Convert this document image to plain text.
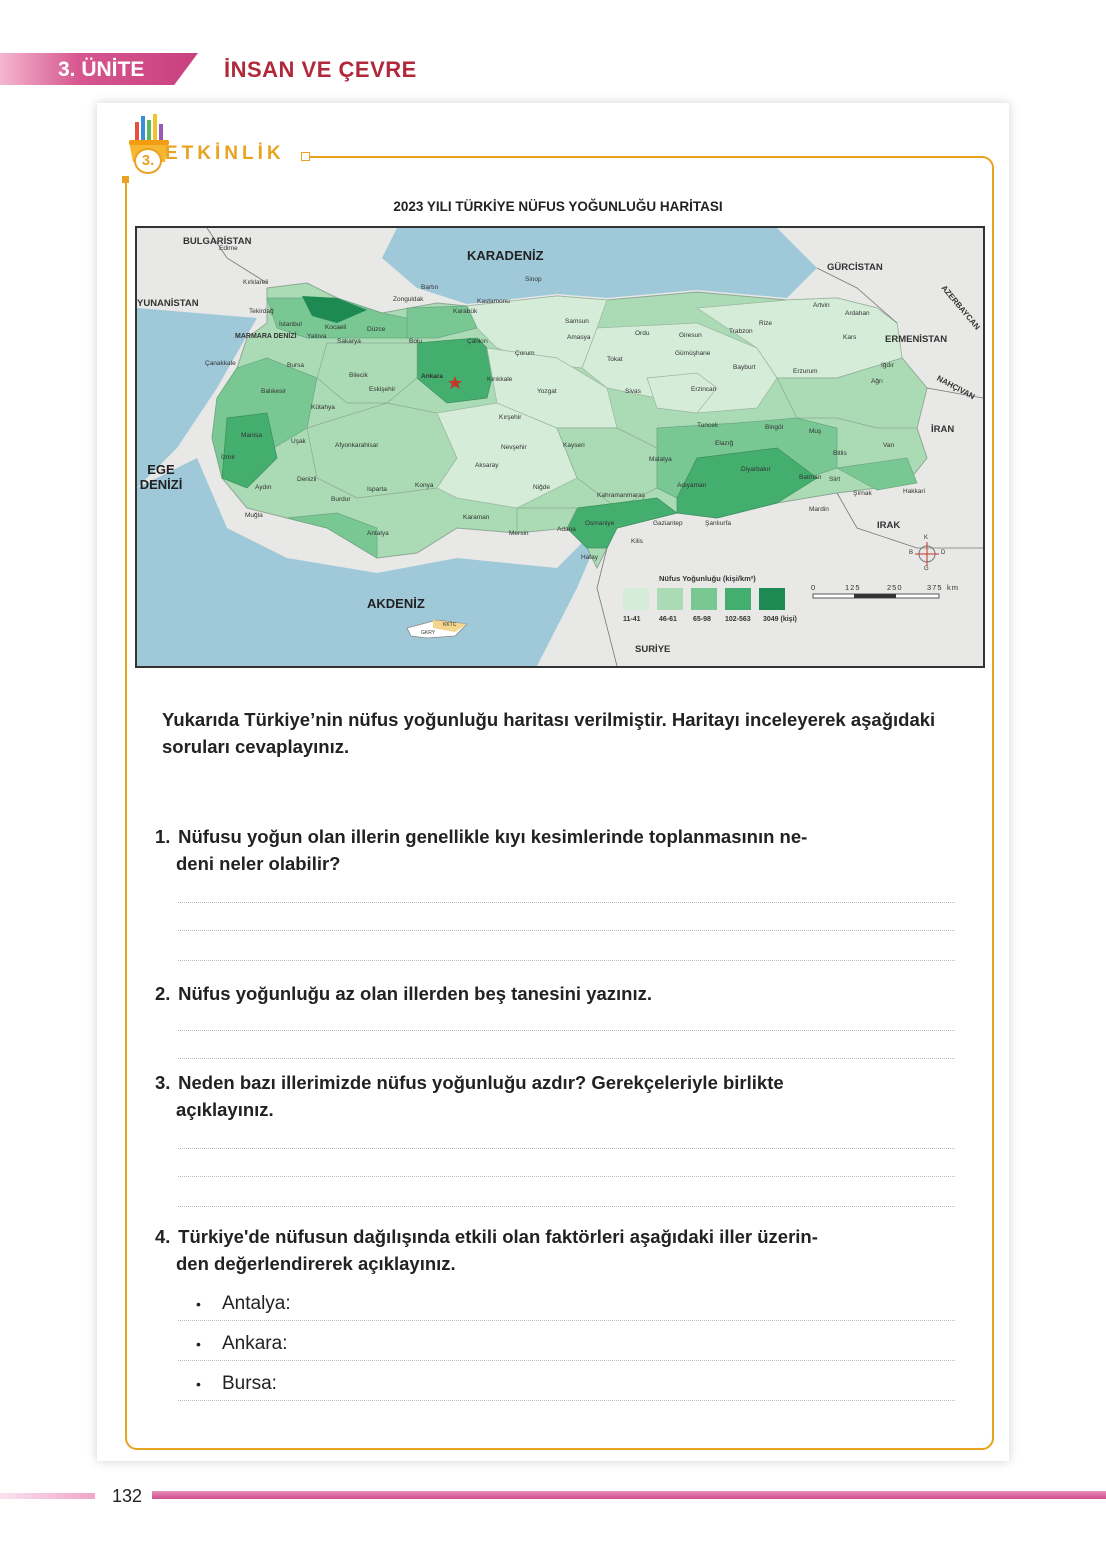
3. ÜNİTE	İNSAN VE ÇEVRE
3. ETKİNLİK
2023 YILI TÜRKİYE NÜFUS YOĞUNLUĞU HARİTASI
BULGARİSTAN
YUNANİSTAN
GÜRCİSTAN
AZERBAYCAN
ERMENİSTAN
NAHÇIVAN
İRAN
IRAK
SURİYE
KARADENİZ
MARMARA DENİZİ
EGE DENİZİ
AKDENİZ
Edirne
Kırklareli
Tekirdağ
İstanbul	Kocaeli
Yalova
Sakarya
Düzce
Bolu
Zonguldak
Bartın
Karabük
Kastamonu
Sinop
Samsun
Ordu	Giresun
Trabzon
Rize
Artvin
Ardahan
Kars
Iğdır
Ağrı
Erzurum
Bayburt
Gümüşhane
Erzincan
Tunceli	Bingöl
Muş
Bitlis
Van
Hakkari
Şırnak
Siirt
Batman
Mardin
Diyarbakır
Şanlıurfa
Gaziantep
Kilis
Hatay
Osmaniye
Adana
Mersin
Karaman
Niğde
Kayseri
Nevşehir
Aksaray
Kırşehir
Yozgat	Sivas
Tokat
Amasya
Çorum
Çankırı
Ankara	Kırıkkale
Eskişehir
Bilecik
Bursa
Balıkesir
Çanakkale
Kütahya
Uşak
Afyonkarahisar
Manisa
İzmir
Aydın
Denizli
Muğla
Burdur
Isparta
Antalya
Konya
Kahramanmaraş
Adıyaman
Malatya
Elazığ
KKTC
GKRY
Nüfus Yoğunluğu (kişi/km²)
11-41	46-61 65-98 102-563 3049 (kişi)
0	125	250	375 km
K
G
D
B
Yukarıda Türkiye’nin nüfus yoğunluğu haritası verilmiştir. Haritayı inceleyerek aşağıdaki soruları cevaplayınız.
1. Nüfusu yoğun olan illerin genellikle kıyı kesimlerinde toplanmasının ne-
deni neler olabilir?
2. Nüfus yoğunluğu az olan illerden beş tanesini yazınız.
3. Neden bazı illerimizde nüfus yoğunluğu azdır? Gerekçeleriyle birlikte
açıklayınız.
4. Türkiye'de nüfusun dağılışında etkili olan faktörleri aşağıdaki iller üzerin-
den değerlendirerek açıklayınız.
• Antalya:
• Ankara:
• Bursa:
132
